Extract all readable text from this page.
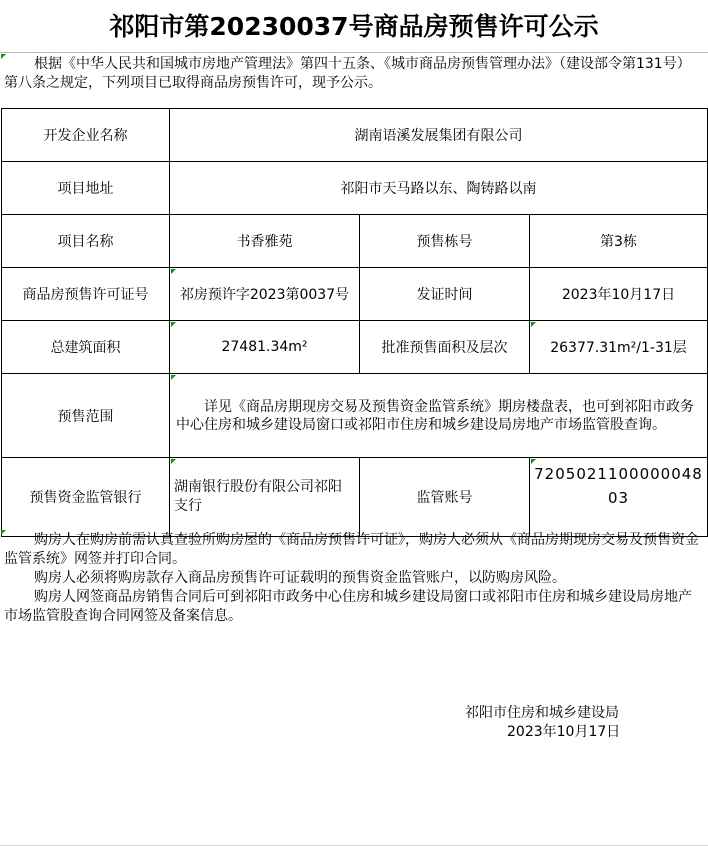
祁阳市第20230037号商品房预售许可公示
根据《中华人民共和国城市房地产管理法》第四十五条、《城市商品房预售管理办法》（建设部令第131号）第八条之规定，下列项目已取得商品房预售许可，现予公示。
开发企业名称	湖南语溪发展集团有限公司		
项目地址	祁阳市天马路以东、陶铸路以南		
项目名称	书香雅苑	预售栋号	第3栋
商品房预售许可证号	祁房预许字2023第0037号	发证时间	2023年10月17日
总建筑面积	27481.34m²	批准预售面积及层次	26377.31m²/1-31层
预售范围	详见《商品房期现房交易及预售资金监管系统》期房楼盘表，也可到祁阳市政务中心住房和城乡建设局窗口或祁阳市住房和城乡建设局房地产市场监管股查询。		
预售资金监管银行	湖南银行股份有限公司祁阳支行	监管账号	720502110000004803

购房人在购房前需认真查验所购房屋的《商品房预售许可证》，购房人必须从《商品房期现房交易及预售资金监管系统》网签并打印合同。

购房人必须将购房款存入商品房预售许可证载明的预售资金监管账户，以防购房风险。

购房人网签商品房销售合同后可到祁阳市政务中心住房和城乡建设局窗口或祁阳市住房和城乡建设局房地产市场监管股查询合同网签及备案信息。

祁阳市住房和城乡建设局
2023年10月17日
